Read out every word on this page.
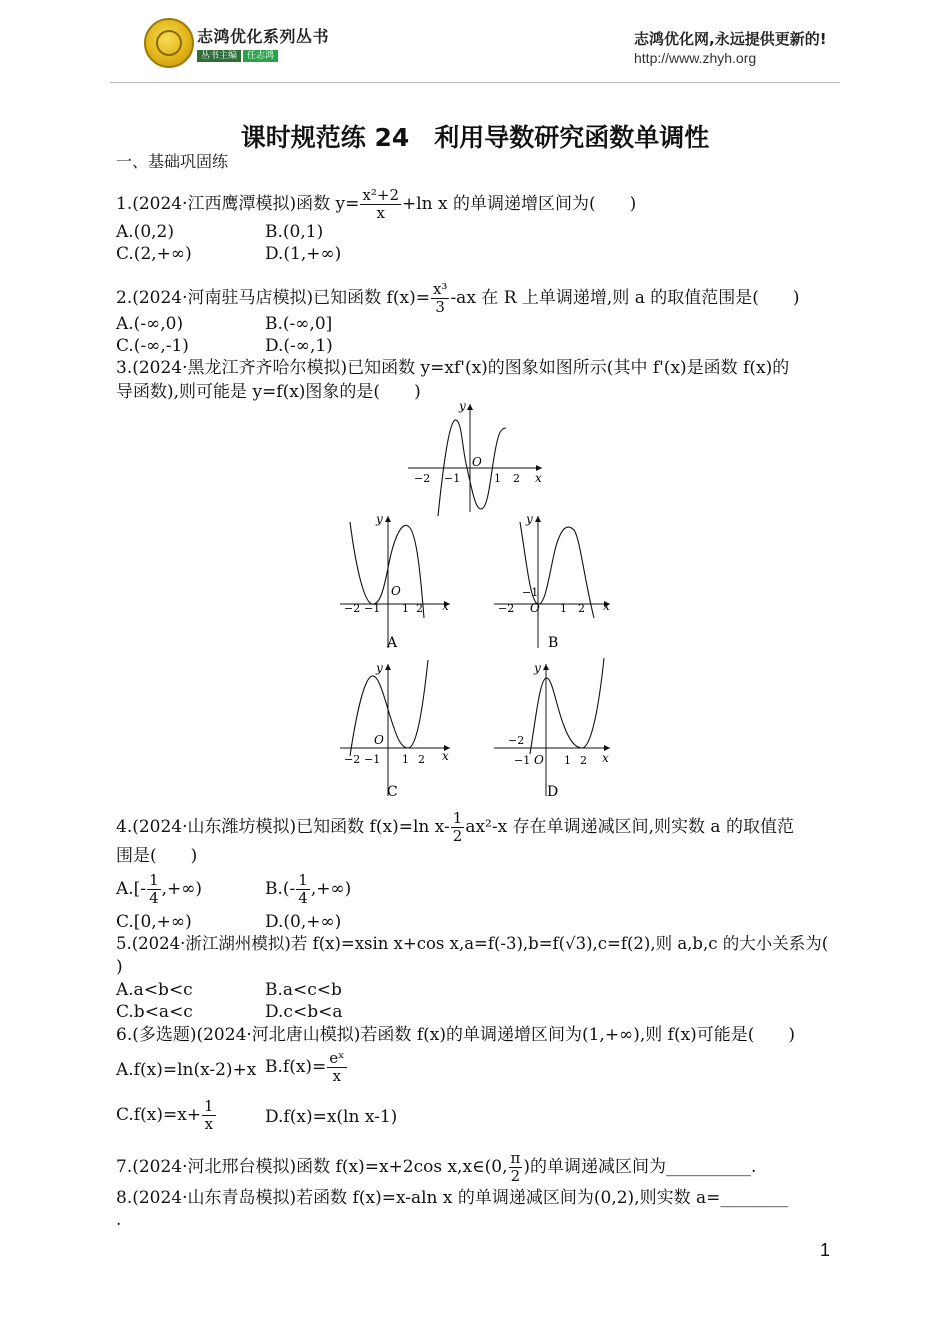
志鸿优化系列丛书
丛书主编 任志鸿
志鸿优化网,永远提供更新的!
http://www.zhyh.org
课时规范练 24　利用导数研究函数单调性
一、基础巩固练
1.(2024·江西鹰潭模拟)函数 $y= \frac{\text{x²+2}}{x} +\ln$ x 的单调递增区间为(　　)
A.(0,2)	B.(0,1)
C.(2,+∞)	D.(1,+∞)
2.(2024·河南驻马店模拟)已知函数 $f(x)= \frac{\text{x³}}{3} -ax$ 在 R 上单调递增,则 a 的取值范围是(　　)
A.(-∞,0)	B.(-∞,0]
C.(-∞,-1)	D.(-∞,1)
3.(2024·黑龙江齐齐哈尔模拟)已知函数 y=xf'(x)的图象如图所示(其中 f'(x)是函数 f(x)的
导函数),则可能是 y=f(x)图象的是(　　)
x
y
O
−2 −1	1 2
x
y
O
−2 −1 1 2
A
x
y
−1
O
−2	1 2
B
x
y
O
−2 −1 1 2
C
x
y
−2
−1 O 1 2
D
4.(2024·山东潍坊模拟)已知函数 f(x)=ln $x- \frac{1}{2} ax^2-x$ 存在单调递减区间,则实数 a 的取值范
围是(　　)
$A.[- \frac{1}{4}$ ,+∞)	$B.(- \frac{1}{4}$ ,+∞)
C.[0,+∞)	D.(0,+∞)
5.(2024·浙江湖州模拟)若 f(x)=xsin x+cos x,a=f(-3),b=f(√3),c=f(2),则 a,b,c 的大小关系为(
)
A.a<b<c	B.a<c<b
C.b<a<c	D.c<b<a
6.(多选题)(2024·河北唐山模拟)若函数 f(x)的单调递增区间为(1,+∞),则 f(x)可能是(　　)
A.f(x)=ln(x-2)+x $B.f(x)= \frac{\text{eˣ}}{x}$
$C.f(x)=x+ \frac{1}{x}$	D.f(x)=x(ln x-1)
7.(2024·河北邢台模拟)函数 f(x)=x+2cos x,x∈(0, $\frac{\pi}{2}$ )的单调递减区间为__________.
8.(2024·山东青岛模拟)若函数 f(x)=x-aln x 的单调递减区间为(0,2),则实数 a=________
.
1
